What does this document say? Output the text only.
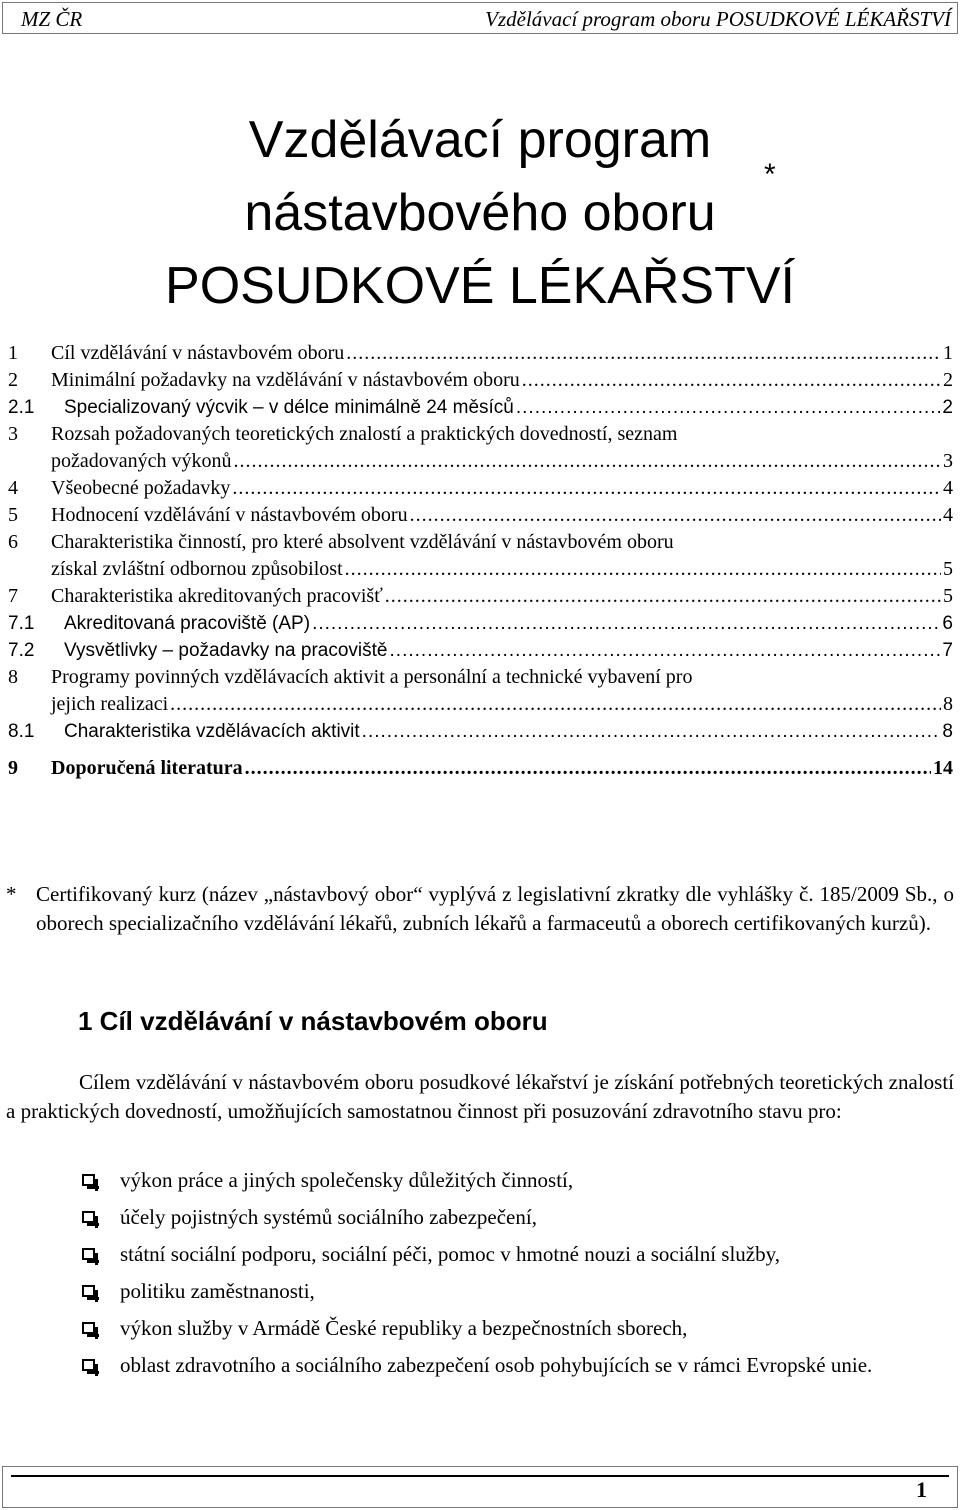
MZ ČR	Vzdělávací program oboru POSUDKOVÉ LÉKAŘSTVÍ
Vzdělávací program
nástavbového oboru
POSUDKOVÉ LÉKAŘSTVÍ
*
1	Cíl vzdělávání v nástavbovém oboru .....	1
2	Minimální požadavky na vzdělávání v nástavbovém oboru .....	2
2.1	Specializovaný výcvik – v délce minimálně 24 měsíců .....	2
3	Rozsah požadovaných teoretických znalostí a praktických dovedností, seznam
požadovaných výkonů .....	3
4	Všeobecné požadavky .....	4
5	Hodnocení vzdělávání v nástavbovém oboru .....	4
6	Charakteristika činností, pro které absolvent vzdělávání v nástavbovém oboru
získal zvláštní odbornou způsobilost .....	5
7	Charakteristika akreditovaných pracovišť .....	5
7.1	Akreditovaná pracoviště (AP) .....	6
7.2	Vysvětlivky – požadavky na pracoviště .....	7
8	Programy povinných vzdělávacích aktivit a personální a technické vybavení pro
jejich realizaci .....	8
8.1	Charakteristika vzdělávacích aktivit .....	8
9	Doporučená literatura .....	14
* Certifikovaný kurz (název „nástavbový obor“ vyplývá z legislativní zkratky dle vyhlášky č. 185/2009 Sb., o oborech specializačního vzdělávání lékařů, zubních lékařů a farmaceutů a oborech certifikovaných kurzů).
1 Cíl vzdělávání v nástavbovém oboru

Cílem vzdělávání v nástavbovém oboru posudkové lékařství je získání potřebných teoretických znalostí a praktických dovedností, umožňujících samostatnou činnost při posuzování zdravotního stavu pro:

výkon práce a jiných společensky důležitých činností,
účely pojistných systémů sociálního zabezpečení,
státní sociální podporu, sociální péči, pomoc v hmotné nouzi a sociální služby,
politiku zaměstnanosti,
výkon služby v Armádě České republiky a bezpečnostních sborech,
oblast zdravotního a sociálního zabezpečení osob pohybujících se v rámci Evropské unie.
1
